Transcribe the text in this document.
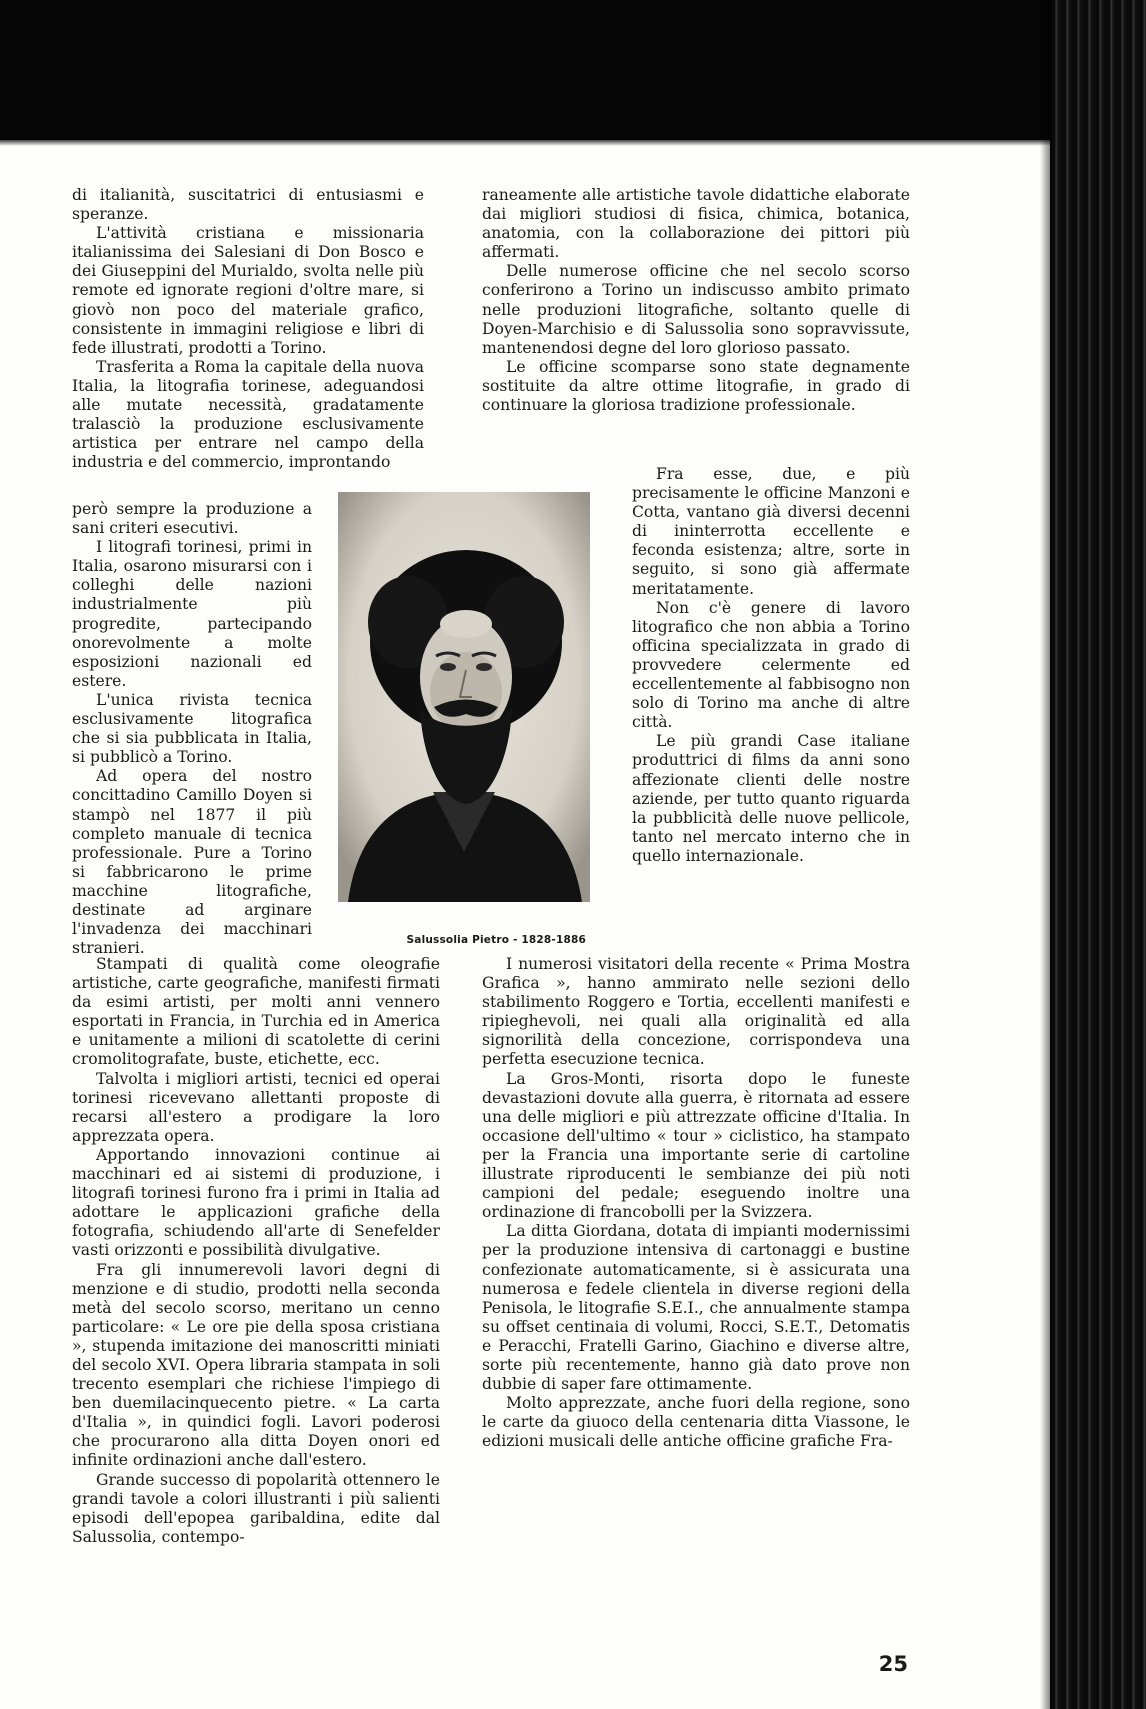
di italianità, suscitatrici di entusiasmi e speranze.

L'attività cristiana e missionaria italianissima dei Salesiani di Don Bosco e dei Giuseppini del Murialdo, svolta nelle più remote ed ignorate regioni d'oltre mare, si giovò non poco del materiale grafico, consistente in immagini religiose e libri di fede illustrati, prodotti a Torino.

Trasferita a Roma la capitale della nuova Italia, la litografia torinese, adeguandosi alle mutate necessità, gradatamente tralasciò la produzione esclusivamente artistica per entrare nel campo della industria e del commercio, improntando

però sempre la produzione a sani criteri esecutivi.

I litografi torinesi, primi in Italia, osarono misurarsi con i colleghi delle nazioni industrialmente più progredite, partecipando onorevolmente a molte esposizioni nazionali ed estere.

L'unica rivista tecnica esclusivamente litografica che si sia pubblicata in Italia, si pubblicò a Torino.

Ad opera del nostro concittadino Camillo Doyen si stampò nel 1877 il più completo manuale di tecnica professionale. Pure a Torino si fabbricarono le prime macchine litografiche, destinate ad arginare l'invadenza dei macchinari stranieri.

Stampati di qualità come oleografie artistiche, carte geografiche, manifesti firmati da esimi artisti, per molti anni vennero esportati in Francia, in Turchia ed in America e unitamente a milioni di scatolette di cerini cromolitografate, buste, etichette, ecc.

Talvolta i migliori artisti, tecnici ed operai torinesi ricevevano allettanti proposte di recarsi all'estero a prodigare la loro apprezzata opera.

Apportando innovazioni continue ai macchinari ed ai sistemi di produzione, i litografi torinesi furono fra i primi in Italia ad adottare le applicazioni grafiche della fotografia, schiudendo all'arte di Senefelder vasti orizzonti e possibilità divulgative.

Fra gli innumerevoli lavori degni di menzione e di studio, prodotti nella seconda metà del secolo scorso, meritano un cenno particolare: « Le ore pie della sposa cristiana », stupenda imitazione dei manoscritti miniati del secolo XVI. Opera libraria stampata in soli trecento esemplari che richiese l'impiego di ben duemilacinquecento pietre. « La carta d'Italia », in quindici fogli. Lavori poderosi che procurarono alla ditta Doyen onori ed infinite ordinazioni anche dall'estero.

Grande successo di popolarità ottennero le grandi tavole a colori illustranti i più salienti episodi dell'epopea garibaldina, edite dal Salussolia, contempo-

raneamente alle artistiche tavole didattiche elaborate dai migliori studiosi di fisica, chimica, botanica, anatomia, con la collaborazione dei pittori più affermati.

Delle numerose officine che nel secolo scorso conferirono a Torino un indiscusso ambito primato nelle produzioni litografiche, soltanto quelle di Doyen-Marchisio e di Salussolia sono sopravvissute, mantenendosi degne del loro glorioso passato.

Le officine scomparse sono state degnamente sostituite da altre ottime litografie, in grado di continuare la gloriosa tradizione professionale.

Fra esse, due, e più precisamente le officine Manzoni e Cotta, vantano già diversi decenni di ininterrotta eccellente e feconda esistenza; altre, sorte in seguito, si sono già affermate meritatamente.

Non c'è genere di lavoro litografico che non abbia a Torino officina specializzata in grado di provvedere celermente ed eccellentemente al fabbisogno non solo di Torino ma anche di altre città.

Le più grandi Case italiane produttrici di films da anni sono affezionate clienti delle nostre aziende, per tutto quanto riguarda la pubblicità delle nuove pellicole, tanto nel mercato interno che in quello internazionale.

I numerosi visitatori della recente « Prima Mostra Grafica », hanno ammirato nelle sezioni dello stabilimento Roggero e Tortia, eccellenti manifesti e ripieghevoli, nei quali alla originalità ed alla signorilità della concezione, corrispondeva una perfetta esecuzione tecnica.

La Gros-Monti, risorta dopo le funeste devastazioni dovute alla guerra, è ritornata ad essere una delle migliori e più attrezzate officine d'Italia. In occasione dell'ultimo « tour » ciclistico, ha stampato per la Francia una importante serie di cartoline illustrate riproducenti le sembianze dei più noti campioni del pedale; eseguendo inoltre una ordinazione di francobolli per la Svizzera.

La ditta Giordana, dotata di impianti modernissimi per la produzione intensiva di cartonaggi e bustine confezionate automaticamente, si è assicurata una numerosa e fedele clientela in diverse regioni della Penisola, le litografie S.E.I., che annualmente stampa su offset centinaia di volumi, Rocci, S.E.T., Detomatis e Peracchi, Fratelli Garino, Giachino e diverse altre, sorte più recentemente, hanno già dato prove non dubbie di saper fare ottimamente.

Molto apprezzate, anche fuori della regione, sono le carte da giuoco della centenaria ditta Viassone, le edizioni musicali delle antiche officine grafiche Fra-

Salussolia Pietro - 1828-1886
25
